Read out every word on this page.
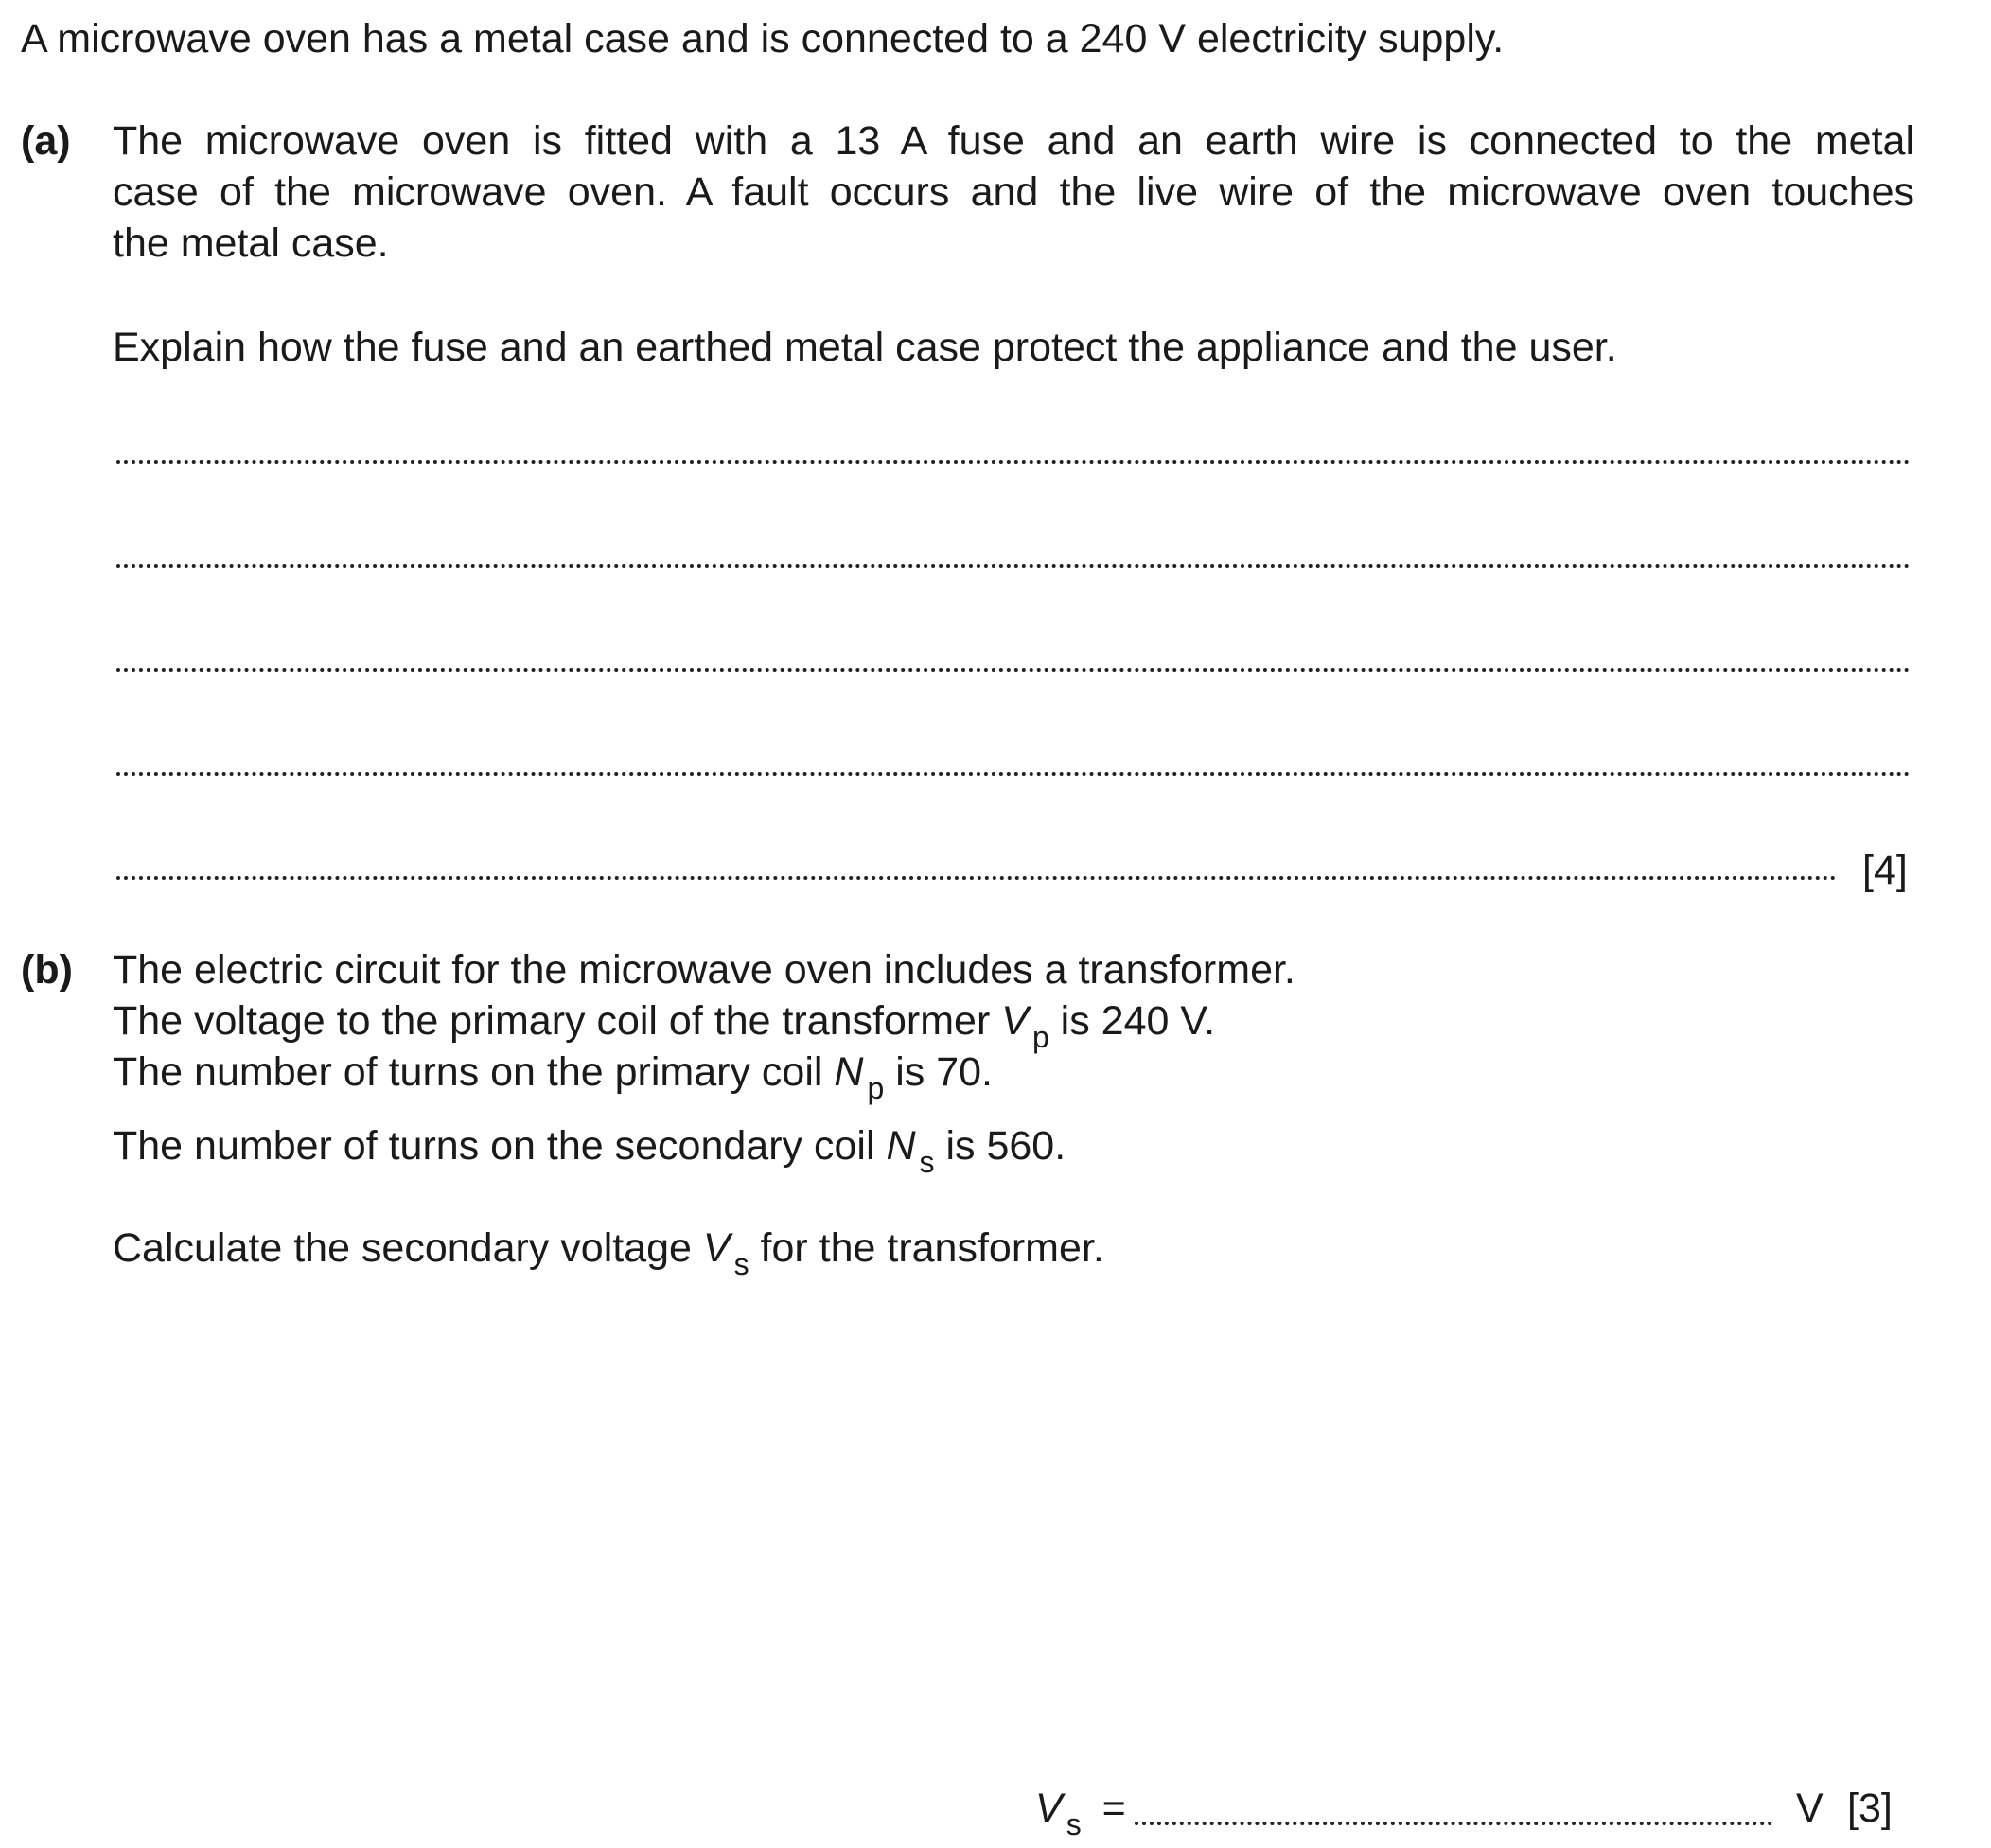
A microwave oven has a metal case and is connected to a 240 V electricity supply.
(a) The microwave oven is fitted with a 13 A fuse and an earth wire is connected to the metal
case of the microwave oven. A fault occurs and the live wire of the microwave oven touches
the metal case.
Explain how the fuse and an earthed metal case protect the appliance and the user.
[4]
(b) The electric circuit for the microwave oven includes a transformer.
The voltage to the primary coil of the transformer V $_p$ is 240 V.
The number of turns on the primary coil N $_p$ is 70.
The number of turns on the secondary coil N $_s$ is 560.
Calculate the secondary voltage V $_s$ for the transformer.
V $_s$ =	V [3]
